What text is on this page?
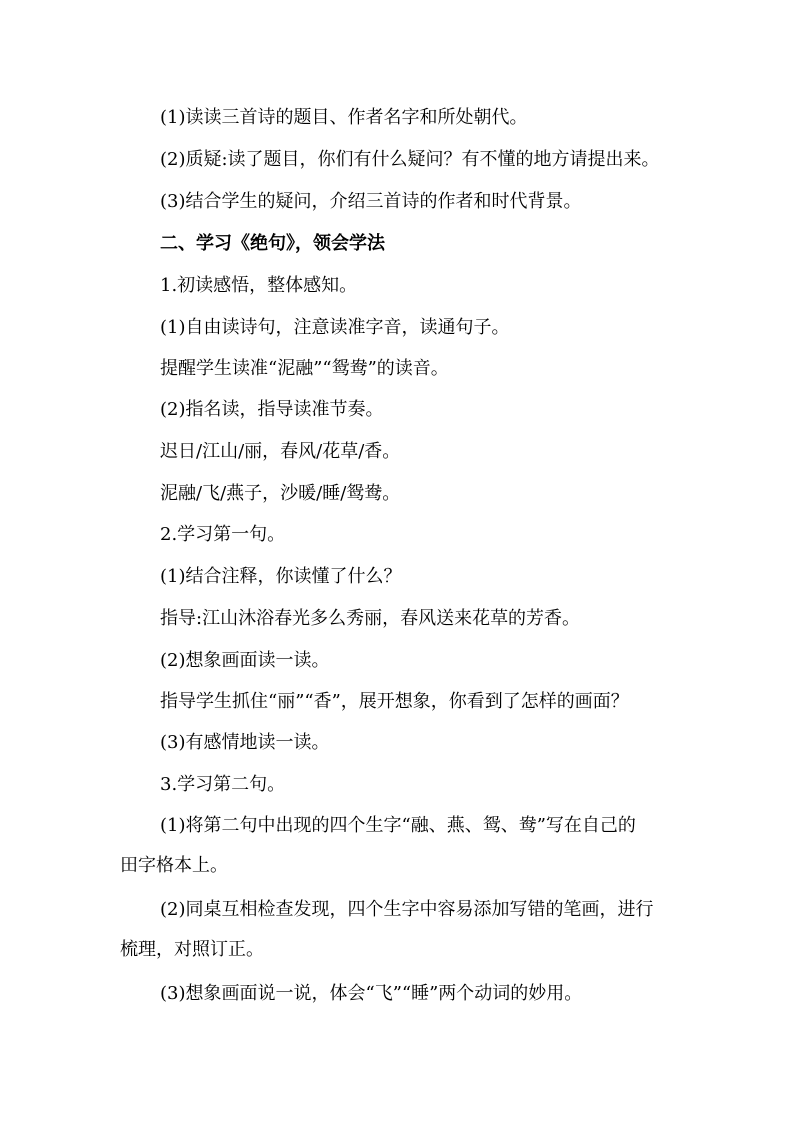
(1)读读三首诗的题目、作者名字和所处朝代。
(2)质疑:读了题目，你们有什么疑问？有不懂的地方请提出来。
(3)结合学生的疑问，介绍三首诗的作者和时代背景。
二、学习《绝句》，领会学法
1.初读感悟，整体感知。
(1)自由读诗句，注意读准字音，读通句子。
提醒学生读准“泥融”“鸳鸯”的读音。
(2)指名读，指导读准节奏。
迟日/江山/丽，春风/花草/香。
泥融/飞/燕子，沙暖/睡/鸳鸯。
2.学习第一句。
(1)结合注释，你读懂了什么？
指导:江山沐浴春光多么秀丽，春风送来花草的芳香。
(2)想象画面读一读。
指导学生抓住“丽”“香”，展开想象，你看到了怎样的画面？
(3)有感情地读一读。
3.学习第二句。
(1)将第二句中出现的四个生字“融、燕、鸳、鸯”写在自己的
田字格本上。
(2)同桌互相检查发现，四个生字中容易添加写错的笔画，进行
梳理，对照订正。
(3)想象画面说一说，体会“飞”“睡”两个动词的妙用。
